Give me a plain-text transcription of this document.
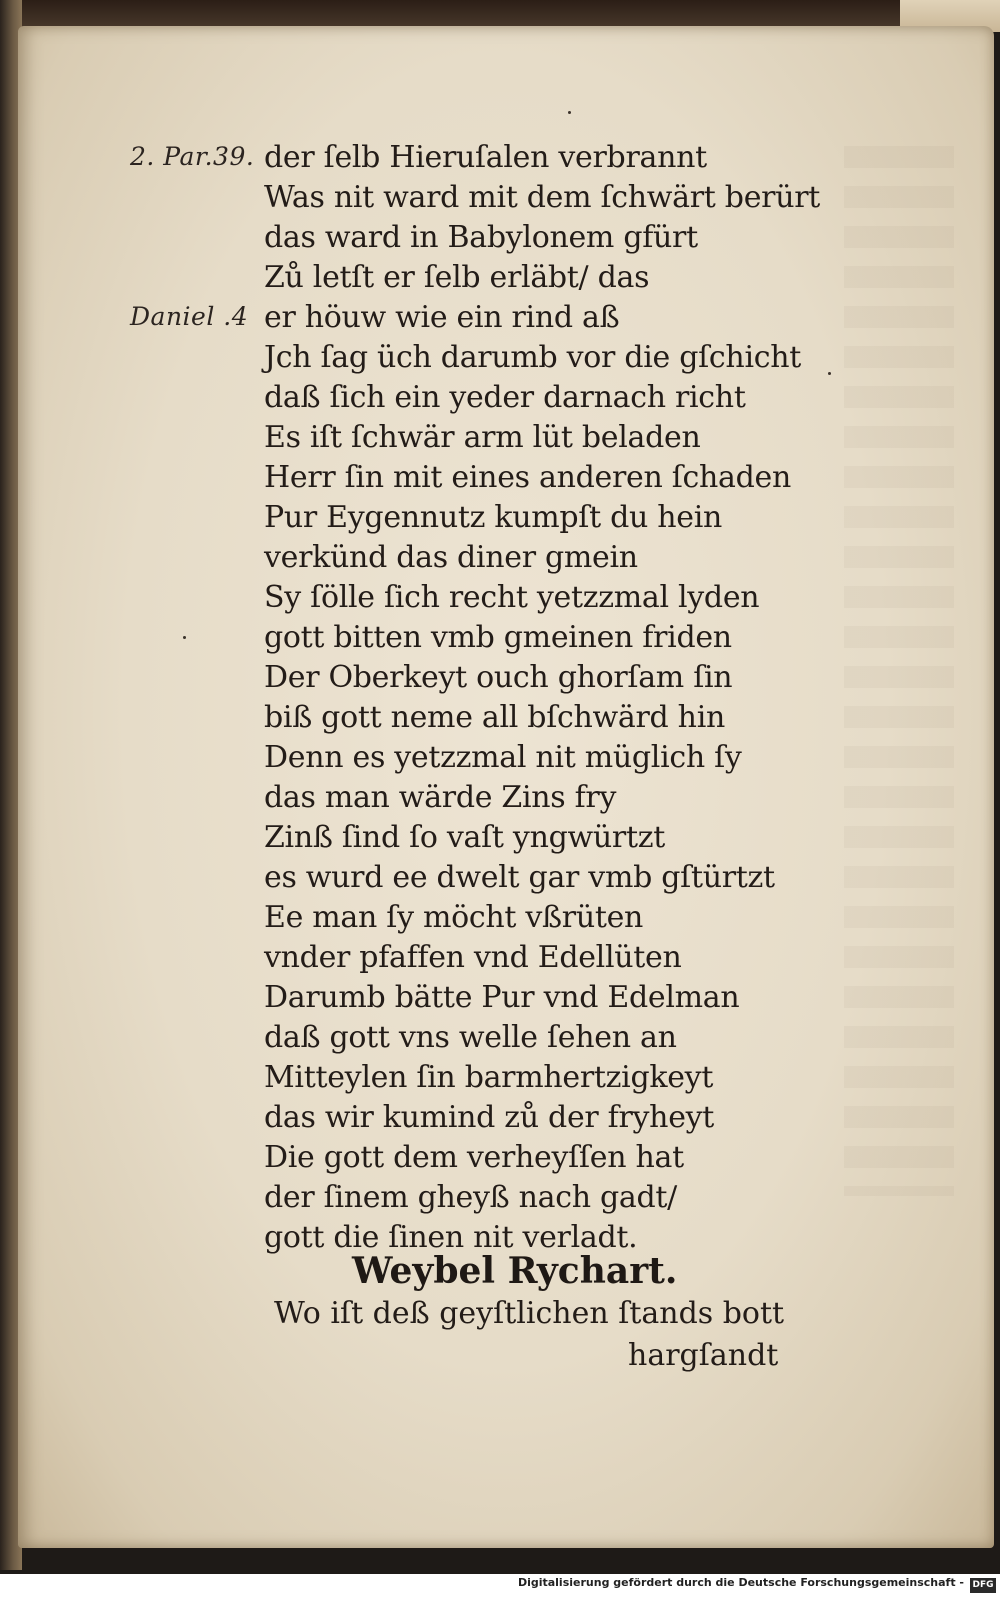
2. Par.39.
Daniel .4
der ſelb Hieruſalen verbrannt
Was nit ward mit dem ſchwärt berürt
das ward in Babylonem gfürt
Zů letſt er ſelb erläbt/ das
er höuw wie ein rind aß
Jch ſag üch darumb vor die gſchicht
daß ſich ein yeder darnach richt
Es iſt ſchwär arm lüt beladen
Herr ſin mit eines anderen ſchaden
Pur Eygennutz kumpſt du hein
verkünd das diner gmein
Sy ſölle ſich recht yetzzmal lyden
gott bitten vmb gmeinen friden
Der Oberkeyt ouch ghorſam ſin
biß gott neme all bſchwärd hin
Denn es yetzzmal nit müglich ſy
das man wärde Zins fry
Zinß ſind ſo vaſt yngwürtzt
es wurd ee dwelt gar vmb gſtürtzt
Ee man ſy möcht vßrüten
vnder pfaffen vnd Edellüten
Darumb bätte Pur vnd Edelman
daß gott vns welle ſehen an
Mitteylen ſin barmhertzigkeyt
das wir kumind zů der fryheyt
Die gott dem verheyſſen hat
der ſinem gheyß nach gadt/
gott die ſinen nit verladt.
Weybel Rychart.
Wo iſt deß geyſtlichen ſtands bott
hargſandt
Digitalisierung gefördert durch die Deutsche Forschungsgemeinschaft - DFG
